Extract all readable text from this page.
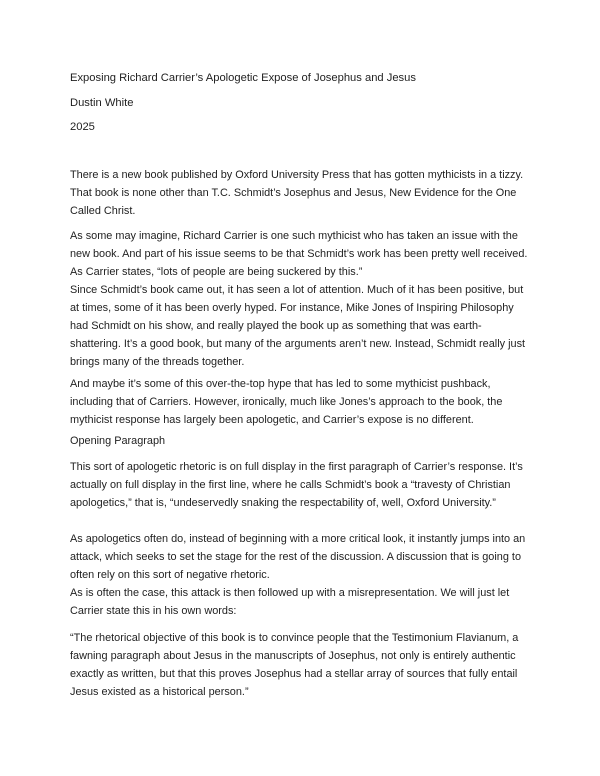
Exposing Richard Carrier’s Apologetic Expose of Josephus and Jesus
Dustin White
2025
There is a new book published by Oxford University Press that has gotten mythicists in a tizzy. That book is none other than T.C. Schmidt’s Josephus and Jesus, New Evidence for the One Called Christ.
As some may imagine, Richard Carrier is one such mythicist who has taken an issue with the new book. And part of his issue seems to be that Schmidt’s work has been pretty well received. As Carrier states, “lots of people are being suckered by this.”
Since Schmidt’s book came out, it has seen a lot of attention. Much of it has been positive, but at times, some of it has been overly hyped. For instance, Mike Jones of Inspiring Philosophy had Schmidt on his show, and really played the book up as something that was earth-shattering. It’s a good book, but many of the arguments aren’t new. Instead, Schmidt really just brings many of the threads together.
And maybe it’s some of this over-the-top hype that has led to some mythicist pushback, including that of Carriers. However, ironically, much like Jones’s approach to the book, the mythicist response has largely been apologetic, and Carrier’s expose is no different.
Opening Paragraph
This sort of apologetic rhetoric is on full display in the first paragraph of Carrier’s response. It’s actually on full display in the first line, where he calls Schmidt’s book a “travesty of Christian apologetics,” that is, “undeservedly snaking the respectability of, well, Oxford University.”
As apologetics often do, instead of beginning with a more critical look, it instantly jumps into an attack, which seeks to set the stage for the rest of the discussion. A discussion that is going to often rely on this sort of negative rhetoric.
As is often the case, this attack is then followed up with a misrepresentation. We will just let Carrier state this in his own words:
“The rhetorical objective of this book is to convince people that the Testimonium Flavianum, a fawning paragraph about Jesus in the manuscripts of Josephus, not only is entirely authentic exactly as written, but that this proves Josephus had a stellar array of sources that fully entail Jesus existed as a historical person.”
